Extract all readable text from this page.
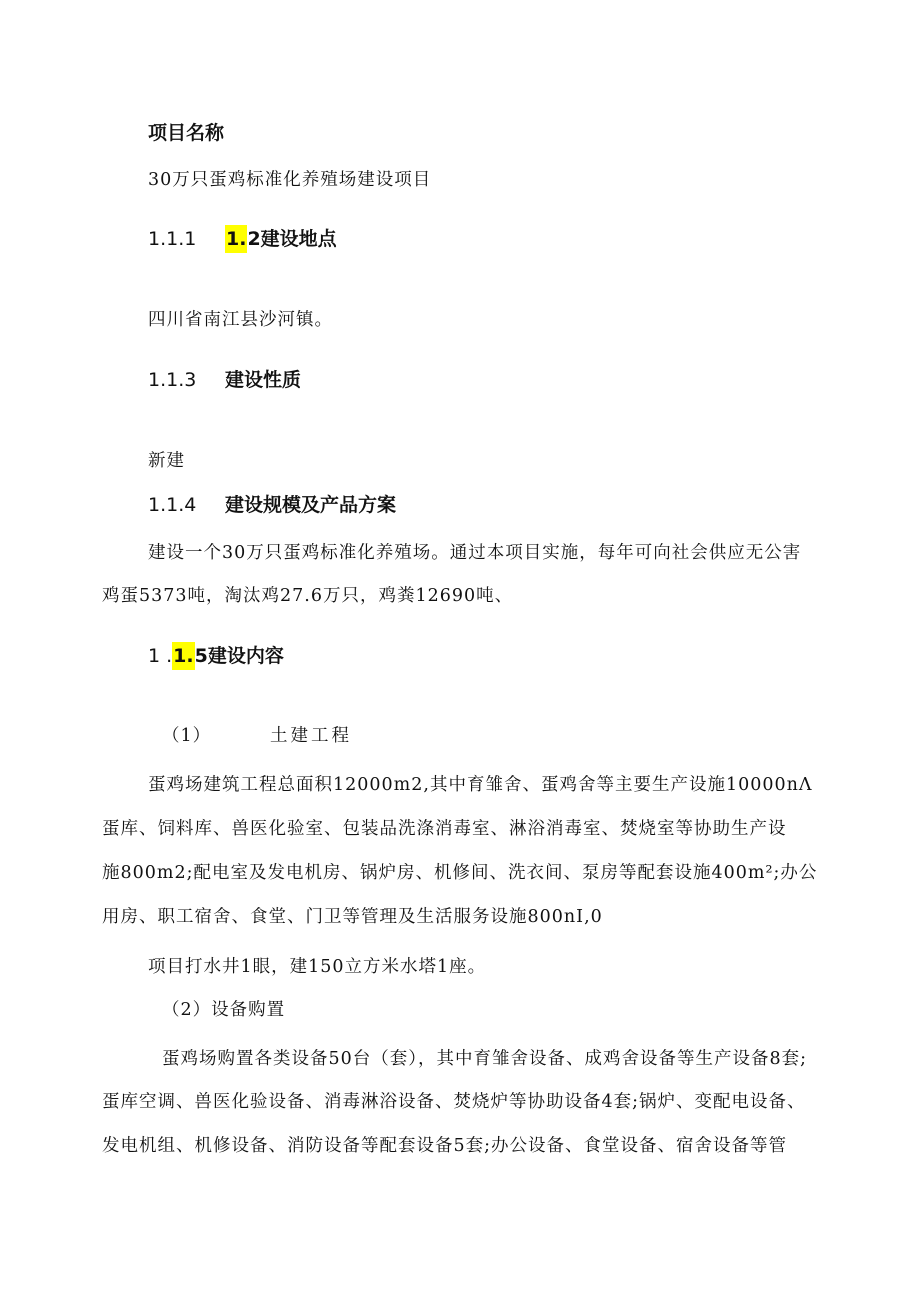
项目名称
30万只蛋鸡标准化养殖场建设项目
1.1.1 1.2建设地点
四川省南江县沙河镇。
1.1.3 建设性质
新建
1.1.4 建设规模及产品方案
建设一个30万只蛋鸡标准化养殖场。通过本项目实施，每年可向社会供应无公害
鸡蛋5373吨，淘汰鸡27.6万只，鸡粪12690吨、
1 .1.5建设内容
（1）	土建工程
蛋鸡场建筑工程总面积12000m2,其中育雏舍、蛋鸡舍等主要生产设施10000nΛ
蛋库、饲料库、兽医化验室、包装品洗涤消毒室、淋浴消毒室、焚烧室等协助生产设
施800m2;配电室及发电机房、锅炉房、机修间、洗衣间、泵房等配套设施400m²;办公
用房、职工宿舍、食堂、门卫等管理及生活服务设施800nI,0
项目打水井1眼，建150立方米水塔1座。
（2）设备购置
蛋鸡场购置各类设备50台（套），其中育雏舍设备、成鸡舍设备等生产设备8套;
蛋库空调、兽医化验设备、消毒淋浴设备、焚烧炉等协助设备4套;锅炉、变配电设备、
发电机组、机修设备、消防设备等配套设备5套;办公设备、食堂设备、宿舍设备等管
